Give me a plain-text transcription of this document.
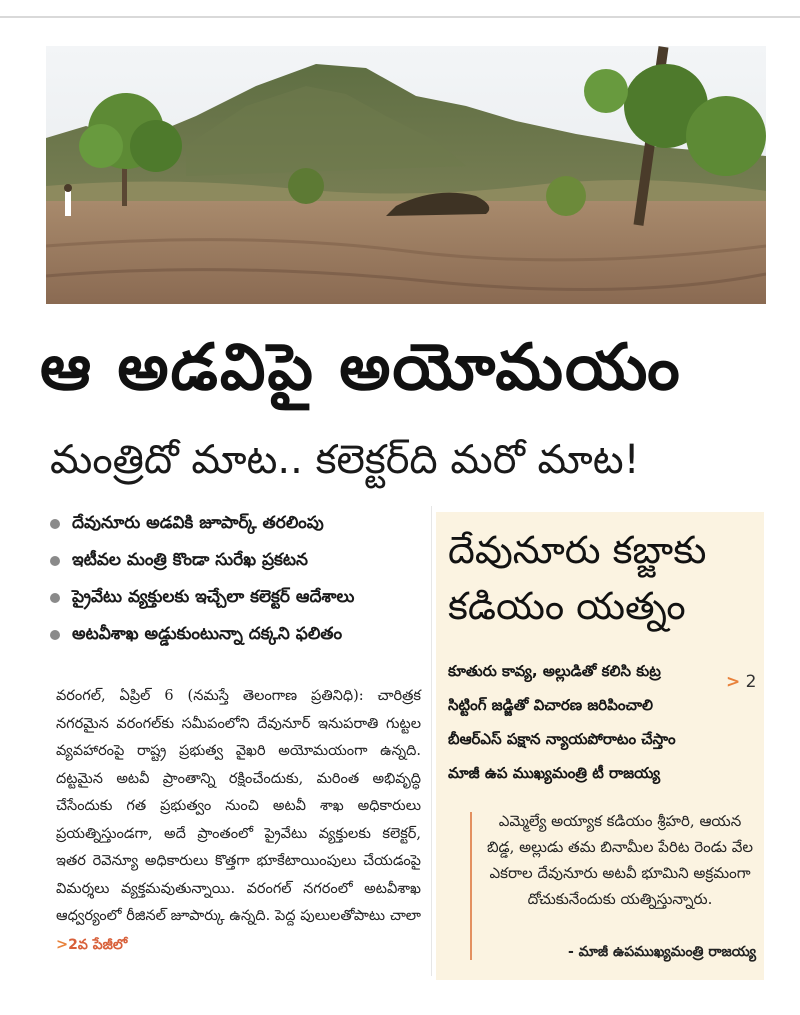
ఆ అడవిపై అయోమయం
మంత్రిదో మాట.. కలెక్టర్‌ది మరో మాట!
దేవునూరు అడవికి జూపార్క్‌ తరలింపు
ఇటీవల మంత్రి కొండా సురేఖ ప్రకటన
ప్రైవేటు వ్యక్తులకు ఇచ్చేలా కలెక్టర్‌ ఆదేశాలు
అటవీశాఖ అడ్డుకుంటున్నా దక్కని ఫలితం
వరంగల్‌, ఏప్రిల్‌ 6 (నమస్తే తెలంగాణ ప్రతినిధి): చారిత్రక నగరమైన వరంగల్‌కు సమీపంలోని దేవునూర్‌ ఇనుపరాతి గుట్టల వ్యవహారంపై రాష్ట్ర ప్రభుత్వ వైఖరి అయోమయంగా ఉన్నది. దట్టమైన అటవీ ప్రాంతాన్ని రక్షించేందుకు, మరింత అభివృద్ధి చేసేందుకు గత ప్రభుత్వం నుంచి అటవీ శాఖ అధికారులు ప్రయత్నిస్తుండగా, అదే ప్రాంతంలో ప్రైవేటు వ్యక్తులకు కలెక్టర్‌, ఇతర రెవెన్యూ అధికారులు కొత్తగా భూకేటాయింపులు చేయడంపై విమర్శలు వ్యక్తమవుతున్నాయి. వరంగల్‌ నగరంలో అటవీశాఖ ఆధ్వర్యంలో రీజినల్‌ జూపార్కు ఉన్నది. పెద్ద పులులతోపాటు చాలా >2వ పేజీలో
దేవునూరు కబ్జాకు
కడియం యత్నం
కూతురు కావ్య, అల్లుడితో కలిసి కుట్ర
సిట్టింగ్‌ జడ్జితో విచారణ జరిపించాలి
బీఆర్‌ఎస్‌ పక్షాన న్యాయపోరాటం చేస్తాం
మాజీ ఉప ముఖ్యమంత్రి టీ రాజయ్య
> 2
ఎమ్మెల్యే అయ్యాక కడియం శ్రీహరి, ఆయన బిడ్డ, అల్లుడు తమ బినామీల పేరిట రెండు వేల ఎకరాల దేవునూరు అటవీ భూమిని అక్రమంగా దోచుకునేందుకు యత్నిస్తున్నారు.
- మాజీ ఉపముఖ్యమంత్రి రాజయ్య
